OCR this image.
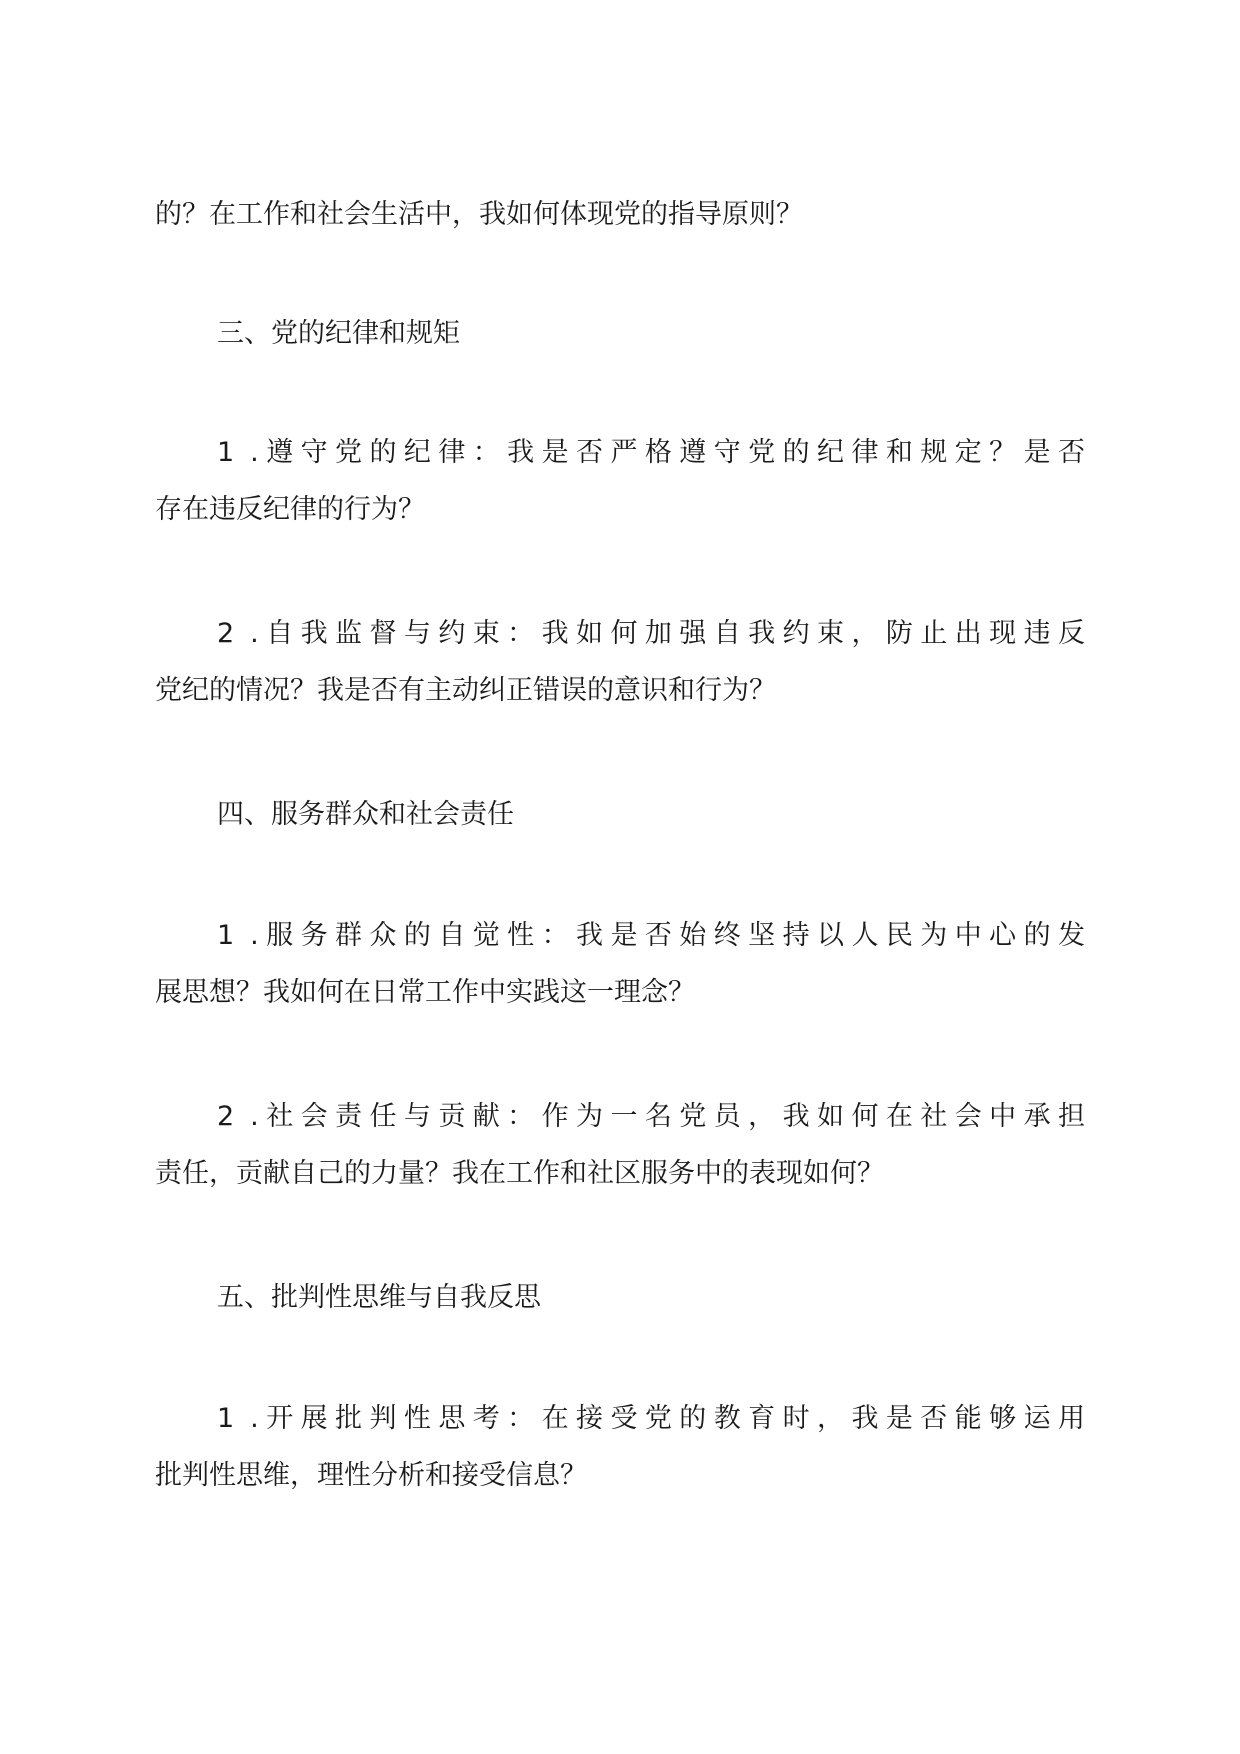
的？在工作和社会生活中，我如何体现党的指导原则？
三、党的纪律和规矩
1 .遵守党的纪律：我是否严格遵守党的纪律和规定？是否
存在违反纪律的行为？
2 .自我监督与约束：我如何加强自我约束，防止出现违反
党纪的情况？我是否有主动纠正错误的意识和行为？
四、服务群众和社会责任
1 .服务群众的自觉性：我是否始终坚持以人民为中心的发
展思想？我如何在日常工作中实践这一理念？
2 .社会责任与贡献：作为一名党员，我如何在社会中承担
责任，贡献自己的力量？我在工作和社区服务中的表现如何？
五、批判性思维与自我反思
1 .开展批判性思考：在接受党的教育时，我是否能够运用
批判性思维，理性分析和接受信息？
